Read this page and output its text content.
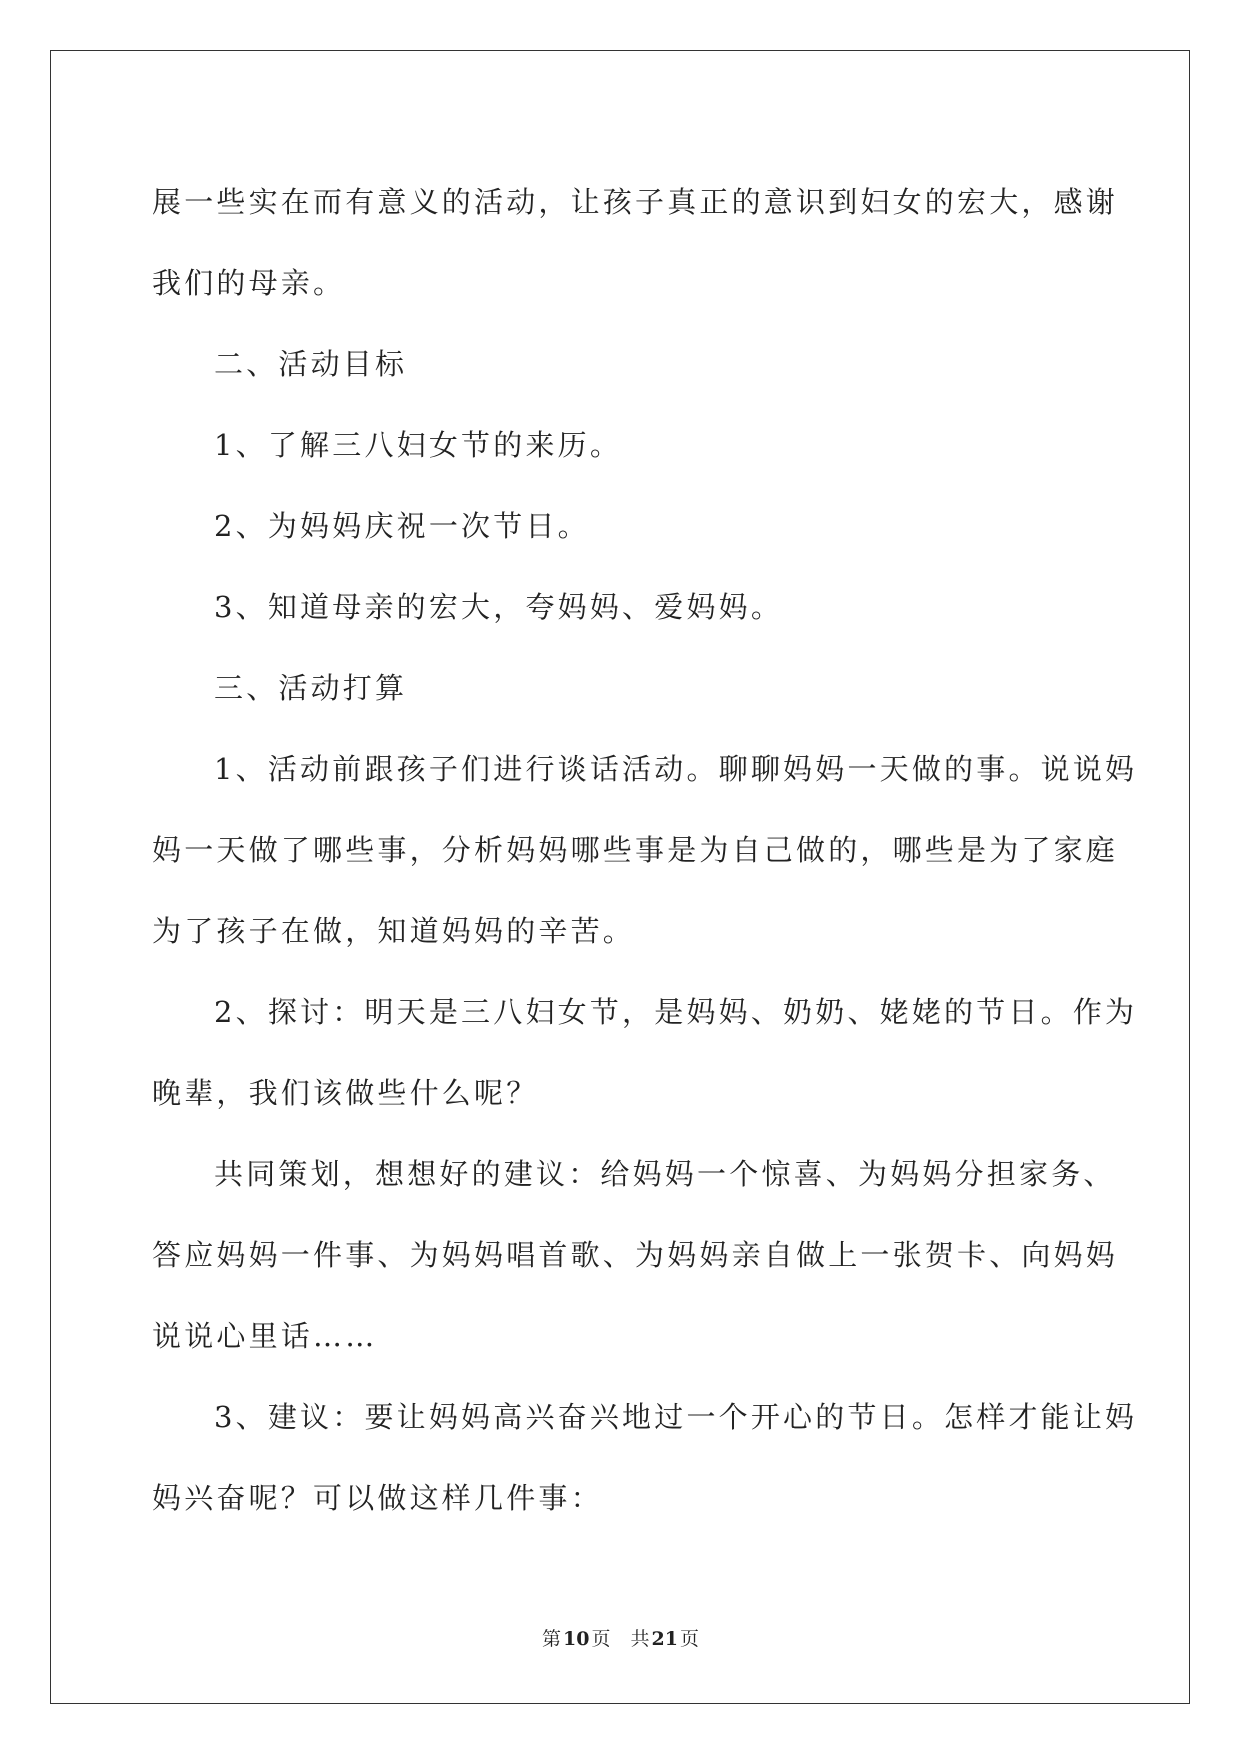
展一些实在而有意义的活动，让孩子真正的意识到妇女的宏大，感谢
我们的母亲。
二、活动目标
1、了解三八妇女节的来历。
2、为妈妈庆祝一次节日。
3、知道母亲的宏大，夸妈妈、爱妈妈。
三、活动打算
1、活动前跟孩子们进行谈话活动。聊聊妈妈一天做的事。说说妈
妈一天做了哪些事，分析妈妈哪些事是为自己做的，哪些是为了家庭
为了孩子在做，知道妈妈的辛苦。
2、探讨：明天是三八妇女节，是妈妈、奶奶、姥姥的节日。作为
晚辈，我们该做些什么呢？
共同策划，想想好的建议：给妈妈一个惊喜、为妈妈分担家务、
答应妈妈一件事、为妈妈唱首歌、为妈妈亲自做上一张贺卡、向妈妈
说说心里话……
3、建议：要让妈妈高兴奋兴地过一个开心的节日。怎样才能让妈
妈兴奋呢？可以做这样几件事：
第 10 页 共 21 页
